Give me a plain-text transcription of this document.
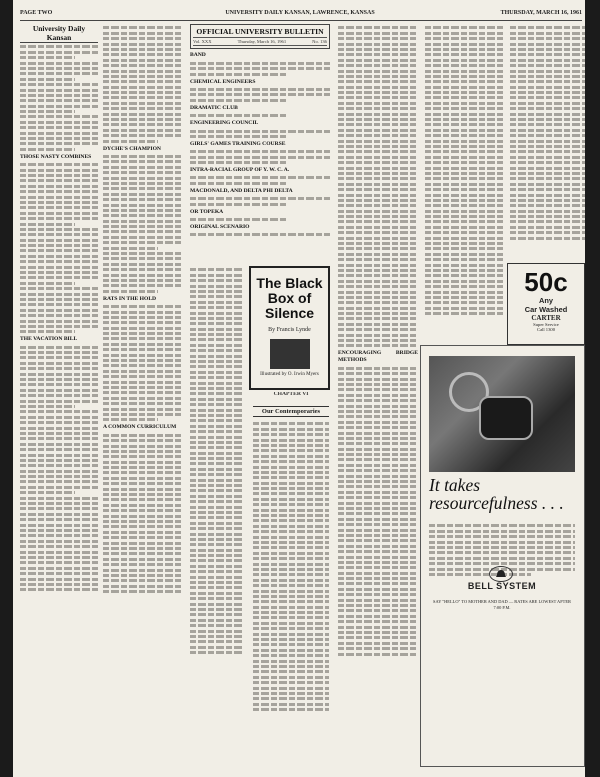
PAGE TWO	UNIVERSITY DAILY KANSAN, LAWRENCE, KANSAS	THURSDAY, MARCH 16, 1961
University Daily Kansan
THOSE NASTY COMBINES
THE VACATION BILL
DYCHE'S CHAMPION
RATS IN THE HOLD
A COMMON CURRICULUM
OFFICIAL UNIVERSITY BULLETIN
Vol. XXX	Thursday, March 16, 1961	No. 136
BAND
CHEMICAL ENGINEERS
DRAMATIC CLUB
ENGINEERING COUNCIL
GIRLS' GAMES TRAINING COURSE
INTRA-RACIAL GROUP OF Y. W. C. A.
MACDONALD, AND DELTA PHI DELTA
OR TOPEKA
ORIGINAL SCENARIO
The Black Box of Silence
By Francis Lynde
Illustrated by O. Irwin Myers
CHAPTER VI
Our Contemporaries
ENCOURAGING BRIDGE METHODS
50c
Any
Car Washed
CARTER
Super Service
Call 1300
It takes resourcefulness . . .
BELL SYSTEM
SAY "HELLO" TO MOTHER AND DAD — RATES ARE LOWEST AFTER 7:00 P.M.
